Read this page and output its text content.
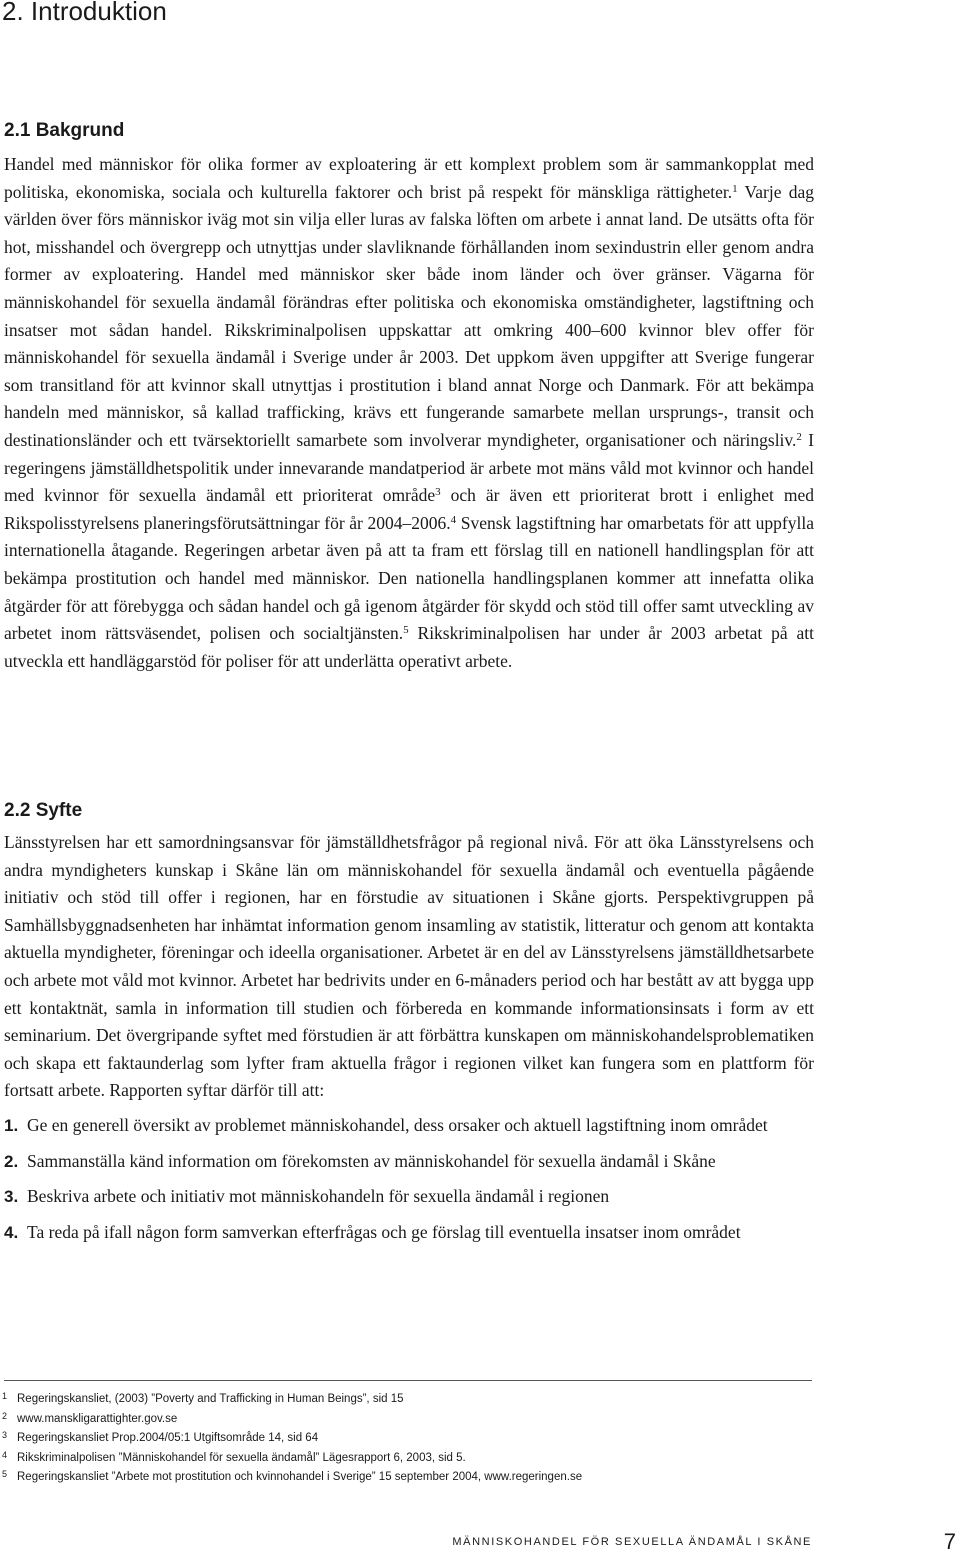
2. Introduktion
2.1 Bakgrund

Handel med människor för olika former av exploatering är ett komplext problem som är sammankopplat med politiska, ekonomiska, sociala och kulturella faktorer och brist på respekt för mänskliga rättigheter.$^1$ Varje dag världen över förs människor iväg mot sin vilja eller luras av falska löften om arbete i annat land. De utsätts ofta för hot, misshandel och övergrepp och utnyttjas under slavliknande förhållanden inom sexindustrin eller genom andra former av exploatering. Handel med människor sker både inom länder och över gränser. Vägarna för människohandel för sexuella ändamål förändras efter politiska och ekonomiska omständigheter, lagstiftning och insatser mot sådan handel. Rikskriminalpolisen uppskattar att omkring 400–600 kvinnor blev offer för människohandel för sexuella ändamål i Sverige under år 2003. Det uppkom även uppgifter att Sverige fungerar som transitland för att kvinnor skall utnyttjas i prostitution i bland annat Norge och Danmark. För att bekämpa handeln med människor, så kallad trafficking, krävs ett fungerande samarbete mellan ursprungs-, transit och destinationsländer och ett tvärsektoriellt samarbete som involverar myndigheter, organisationer och näringsliv.$^2$ I regeringens jämställdhetspolitik under innevarande mandatperiod är arbete mot mäns våld mot kvinnor och handel med kvinnor för sexuella ändamål ett prioriterat område$^3$ och är även ett prioriterat brott i enlighet med Rikspolisstyrelsens planeringsförutsättningar för år 2004–2006.$^4$ Svensk lagstiftning har omarbetats för att uppfylla internationella åtagande. Regeringen arbetar även på att ta fram ett förslag till en nationell handlingsplan för att bekämpa prostitution och handel med människor. Den nationella handlingsplanen kommer att innefatta olika åtgärder för att förebygga och sådan handel och gå igenom åtgärder för skydd och stöd till offer samt utveckling av arbetet inom rättsväsendet, polisen och socialtjänsten.$^5$ Rikskriminalpolisen har under år 2003 arbetat på att utveckla ett handläggarstöd för poliser för att underlätta operativt arbete.

2.2 Syfte

Länsstyrelsen har ett samordningsansvar för jämställdhetsfrågor på regional nivå. För att öka Länsstyrelsens och andra myndigheters kunskap i Skåne län om människohandel för sexuella ändamål och eventuella pågående initiativ och stöd till offer i regionen, har en förstudie av situationen i Skåne gjorts. Perspektivgruppen på Samhällsbyggnadsenheten har inhämtat information genom insamling av statistik, litteratur och genom att kontakta aktuella myndigheter, föreningar och ideella organisationer. Arbetet är en del av Länsstyrelsens jämställdhetsarbete och arbete mot våld mot kvinnor. Arbetet har bedrivits under en 6-månaders period och har bestått av att bygga upp ett kontaktnät, samla in information till studien och förbereda en kommande informationsinsats i form av ett seminarium. Det övergripande syftet med förstudien är att förbättra kunskapen om människohandelsproblematiken och skapa ett faktaunderlag som lyfter fram aktuella frågor i regionen vilket kan fungera som en plattform för fortsatt arbete. Rapporten syftar därför till att:

1. Ge en generell översikt av problemet människohandel, dess orsaker och aktuell lagstiftning inom området
2. Sammanställa känd information om förekomsten av människohandel för sexuella ändamål i Skåne
3. Beskriva arbete och initiativ mot människohandeln för sexuella ändamål i regionen
4. Ta reda på ifall någon form samverkan efterfrågas och ge förslag till eventuella insatser inom området
1 Regeringskansliet, (2003) ”Poverty and Trafficking in Human Beings”, sid 15
2 www.manskligarattighter.gov.se
3 Regeringskansliet Prop.2004/05:1 Utgiftsområde 14, sid 64
4 Rikskriminalpolisen ”Människohandel för sexuella ändamål” Lägesrapport 6, 2003, sid 5.
5 Regeringskansliet ”Arbete mot prostitution och kvinnohandel i Sverige” 15 september 2004, www.regeringen.se
MÄNNISKOHANDEL FÖR SEXUELLA ÄNDAMÅL I SKÅNE	7
